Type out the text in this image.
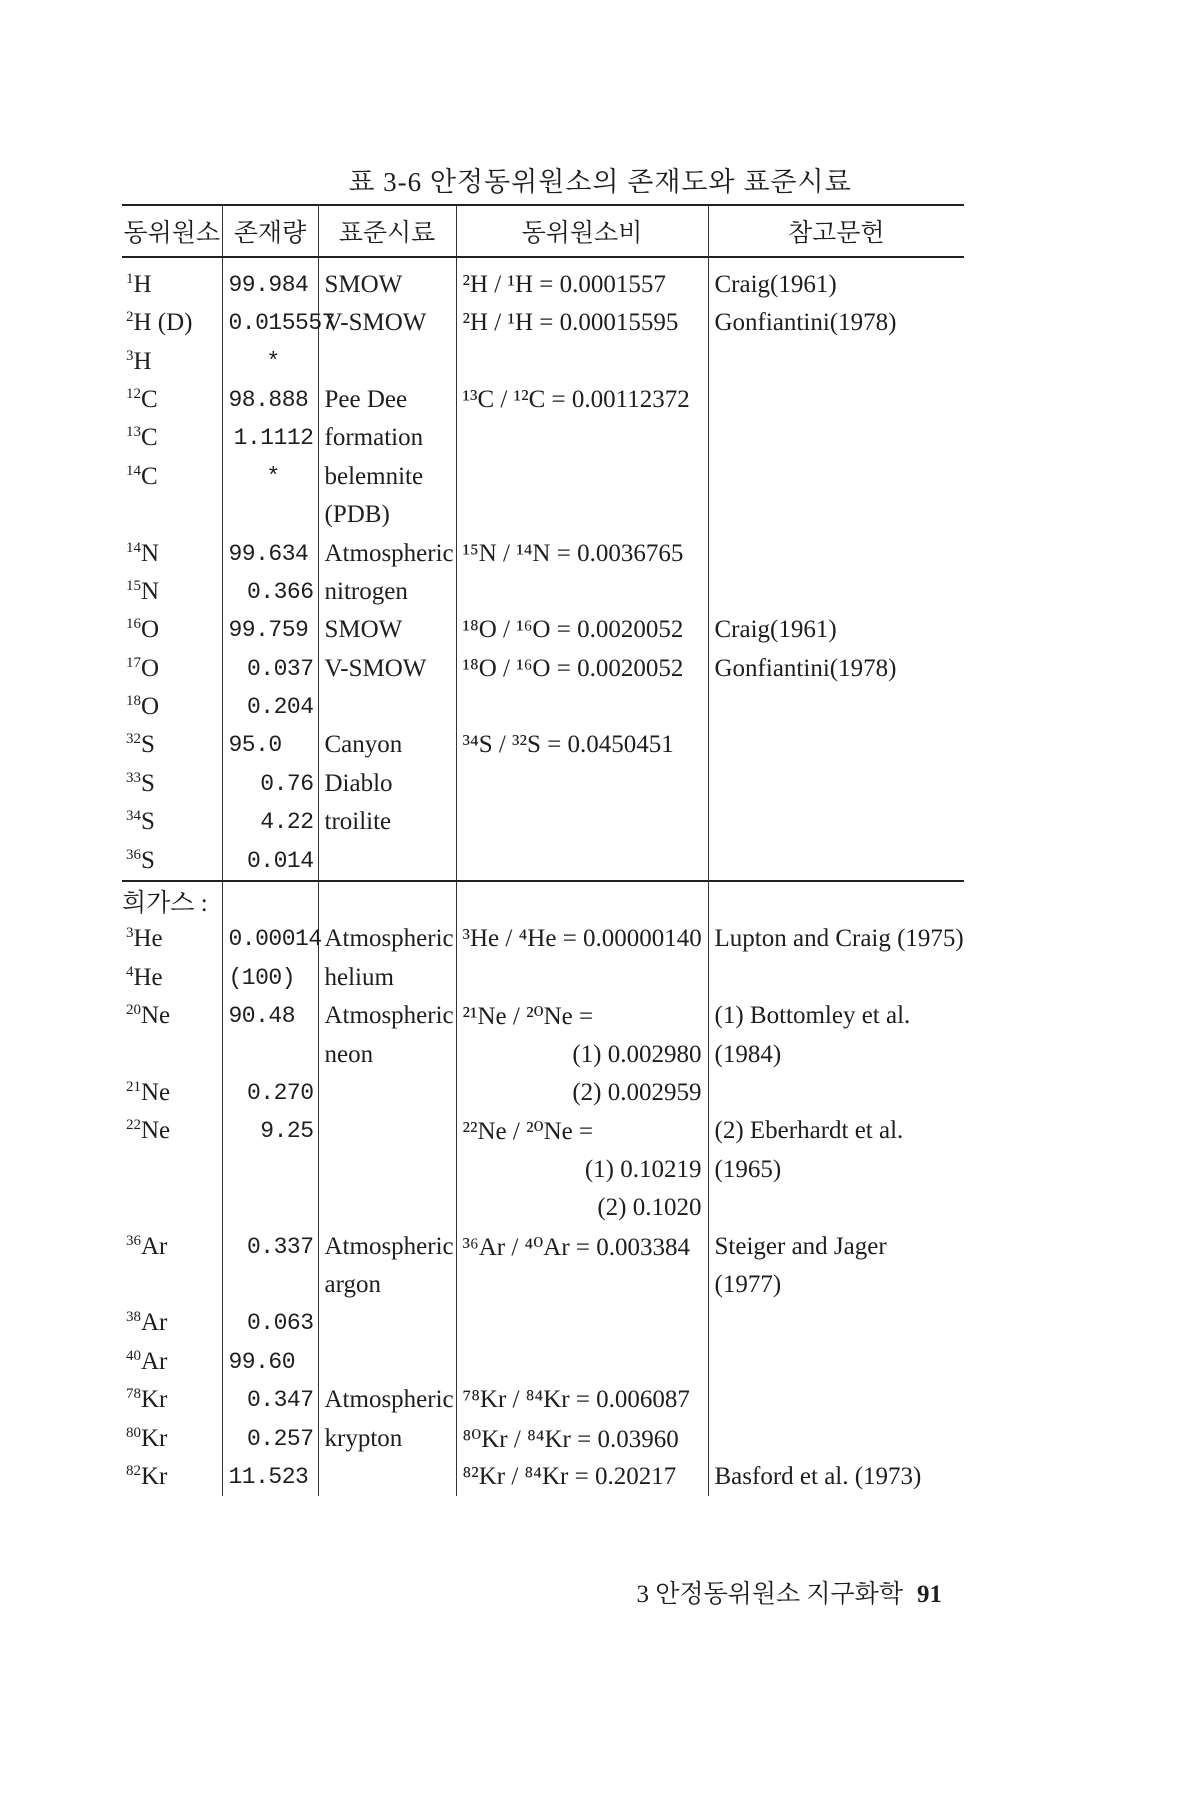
표 3-6 안정동위원소의 존재도와 표준시료
동위원소	존재량	표준시료	동위원소비	참고문헌
$^1$H	99.984	SMOW	²H / ¹H = 0.0001557	Craig(1961)
$^2$H (D)	0.015557	V-SMOW	²H / ¹H = 0.00015595	Gonfiantini(1978)
$^3$H	*			
$^{12}$C	98.888	Pee Dee	¹³C / ¹²C = 0.00112372	
$^{13}$C	1.1112	formation		
$^{14}$C	*	belemnite		
		(PDB)		
$^{14}$N	99.634	Atmospheric	¹⁵N / ¹⁴N = 0.0036765	
$^{15}$N	0.366	nitrogen		
$^{16}$O	99.759	SMOW	¹⁸O / ¹⁶O = 0.0020052	Craig(1961)
$^{17}$O	0.037	V-SMOW	¹⁸O / ¹⁶O = 0.0020052	Gonfiantini(1978)
$^{18}$O	0.204			
$^{32}$S	95.0	Canyon	³⁴S / ³²S = 0.0450451	
$^{33}$S	0.76	Diablo		
$^{34}$S	4.22	troilite		
$^{36}$S	0.014			
희가스 :				
$^3$He	0.00014	Atmospheric	³He / ⁴He = 0.00000140	Lupton and Craig (1975)
$^4$He	(100)	helium		
$^{20}$Ne	90.48	Atmospheric	²¹Ne / ²⁰Ne =	(1) Bottomley et al.
		neon	(1) 0.002980	(1984)
$^{21}$Ne	0.270		(2) 0.002959	
$^{22}$Ne	9.25		²²Ne / ²⁰Ne =	(2) Eberhardt et al.
			(1) 0.10219	(1965)
			(2) 0.1020	
$^{36}$Ar	0.337	Atmospheric	³⁶Ar / ⁴⁰Ar = 0.003384	Steiger and Jager
		argon		(1977)
$^{38}$Ar	0.063			
$^{40}$Ar	99.60			
$^{78}$Kr	0.347	Atmospheric	⁷⁸Kr / ⁸⁴Kr = 0.006087	
$^{80}$Kr	0.257	krypton	⁸⁰Kr / ⁸⁴Kr = 0.03960	
$^{82}$Kr	11.523		⁸²Kr / ⁸⁴Kr = 0.20217	Basford et al. (1973)
3 안정동위원소 지구화학 91
